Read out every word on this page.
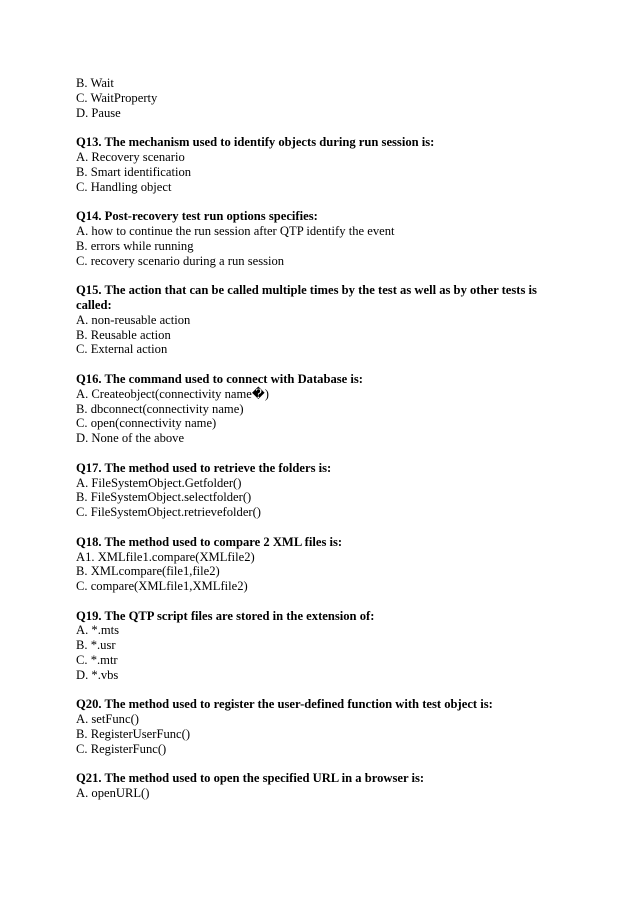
B. Wait
C. WaitProperty
D. Pause
Q13. The mechanism used to identify objects during run session is:
A. Recovery scenario
B. Smart identification
C. Handling object
Q14. Post-recovery test run options specifies:
A. how to continue the run session after QTP identify the event
B. errors while running
C. recovery scenario during a run session
Q15. The action that can be called multiple times by the test as well as by other tests is called:
A. non-reusable action
B. Reusable action
C. External action
Q16. The command used to connect with Database is:
A. Createobject(connectivity name�)
B. dbconnect(connectivity name)
C. open(connectivity name)
D. None of the above
Q17. The method used to retrieve the folders is:
A. FileSystemObject.Getfolder()
B. FileSystemObject.selectfolder()
C. FileSystemObject.retrievefolder()
Q18. The method used to compare 2 XML files is:
A1. XMLfile1.compare(XMLfile2)
B. XMLcompare(file1,file2)
C. compare(XMLfile1,XMLfile2)
Q19. The QTP script files are stored in the extension of:
A. *.mts
B. *.usr
C. *.mtr
D. *.vbs
Q20. The method used to register the user-defined function with test object is:
A. setFunc()
B. RegisterUserFunc()
C. RegisterFunc()
Q21. The method used to open the specified URL in a browser is:
A. openURL()
